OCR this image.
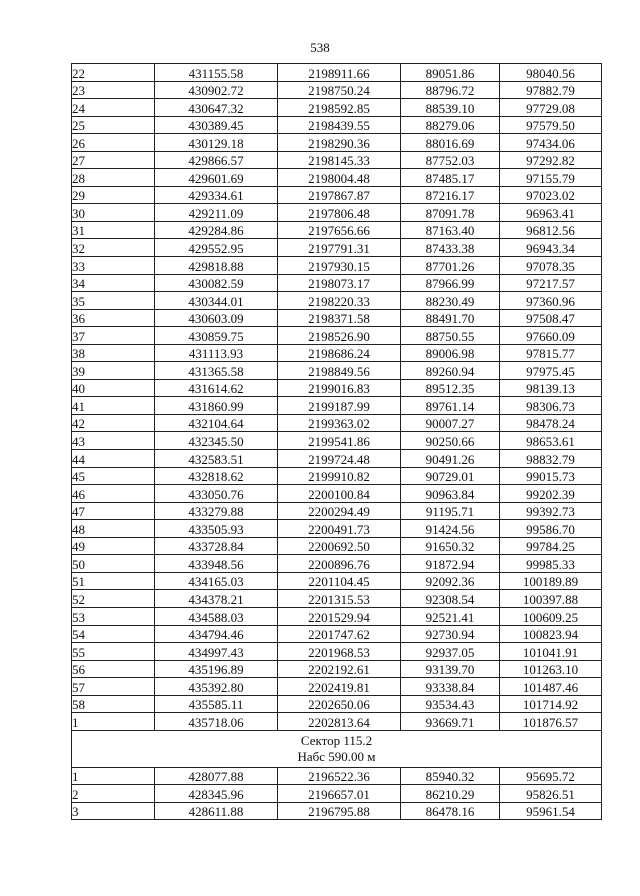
538
22	431155.58	2198911.66	89051.86	98040.56
23	430902.72	2198750.24	88796.72	97882.79
24	430647.32	2198592.85	88539.10	97729.08
25	430389.45	2198439.55	88279.06	97579.50
26	430129.18	2198290.36	88016.69	97434.06
27	429866.57	2198145.33	87752.03	97292.82
28	429601.69	2198004.48	87485.17	97155.79
29	429334.61	2197867.87	87216.17	97023.02
30	429211.09	2197806.48	87091.78	96963.41
31	429284.86	2197656.66	87163.40	96812.56
32	429552.95	2197791.31	87433.38	96943.34
33	429818.88	2197930.15	87701.26	97078.35
34	430082.59	2198073.17	87966.99	97217.57
35	430344.01	2198220.33	88230.49	97360.96
36	430603.09	2198371.58	88491.70	97508.47
37	430859.75	2198526.90	88750.55	97660.09
38	431113.93	2198686.24	89006.98	97815.77
39	431365.58	2198849.56	89260.94	97975.45
40	431614.62	2199016.83	89512.35	98139.13
41	431860.99	2199187.99	89761.14	98306.73
42	432104.64	2199363.02	90007.27	98478.24
43	432345.50	2199541.86	90250.66	98653.61
44	432583.51	2199724.48	90491.26	98832.79
45	432818.62	2199910.82	90729.01	99015.73
46	433050.76	2200100.84	90963.84	99202.39
47	433279.88	2200294.49	91195.71	99392.73
48	433505.93	2200491.73	91424.56	99586.70
49	433728.84	2200692.50	91650.32	99784.25
50	433948.56	2200896.76	91872.94	99985.33
51	434165.03	2201104.45	92092.36	100189.89
52	434378.21	2201315.53	92308.54	100397.88
53	434588.03	2201529.94	92521.41	100609.25
54	434794.46	2201747.62	92730.94	100823.94
55	434997.43	2201968.53	92937.05	101041.91
56	435196.89	2202192.61	93139.70	101263.10
57	435392.80	2202419.81	93338.84	101487.46
58	435585.11	2202650.06	93534.43	101714.92
1	435718.06	2202813.64	93669.71	101876.57

Сектор 115.2
Набс 590.00 м				

1	428077.88	2196522.36	85940.32	95695.72
2	428345.96	2196657.01	86210.29	95826.51
3	428611.88	2196795.88	86478.16	95961.54
